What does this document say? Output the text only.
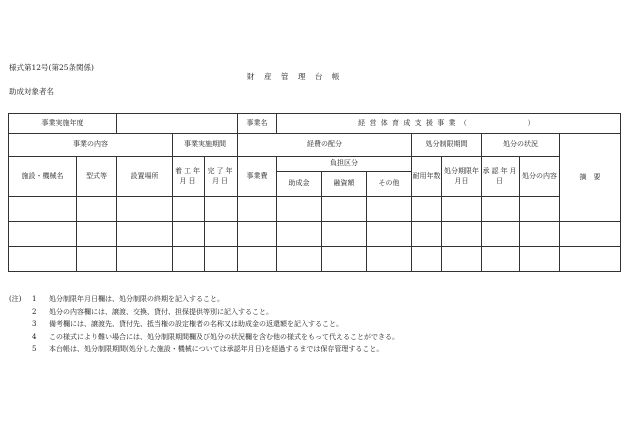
様式第12号(第25条関係)
財産管理台帳
助成対象者名
事業実施年度					事業名	経営体育成支援事業（　　　　　）								
事業の内容			事業実施期間		経費の配分				処分制限期間		処分の状況		摘　要	
施設・機械名	型式等	設置場所	着工年月日	完了年月日	事業費	負担区分			耐用年数	処分期限年月日	承認年月日	処分の内容		
						助成金	融資額	その他						

(注)	1	処分制限年月日欄は、処分制限の終期を記入すること。
2	処分の内容欄には、譲渡、交換、貸付、担保提供等別に記入すること。
3	備考欄には、譲渡先、貸付先、抵当権の設定権者の名称又は助成金の返還額を記入すること。
4	この様式により難い場合には、処分制限期間欄及び処分の状況欄を含む他の様式をもって代えることができる。
5	本台帳は、処分制限期間(処分した施設・機械については承認年月日)を経過するまでは保存管理すること。
